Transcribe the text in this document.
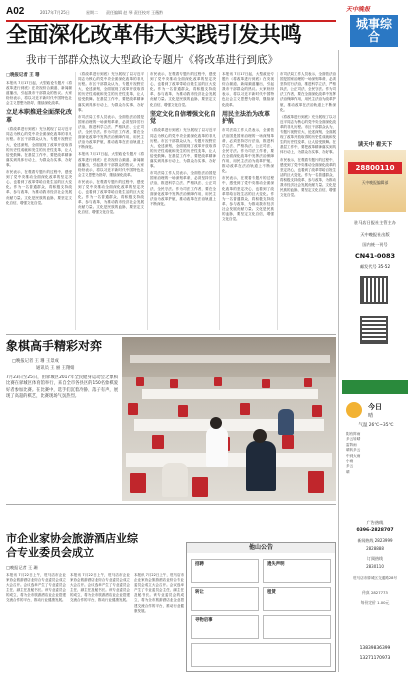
A02	2017年7月25日	星期二 责任编辑 赵 琴 责任校对 王薇黔	天中晚报
城事综合
全面深化改革伟大实践引发共鸣
我市干部群众热议大型政论专题片《将改革进行到底》
□晚报记者 王 珊
本报讯 7月17日起，大型政论专题片《将改革进行到底》在央视综合频道、新闻频道播出，引起我市干部群众的热议。大家纷纷表示，将以习近平新时代中国特色社会主义思想为指导，继续深化改革。
立足本职推进全面深化改革
《将改革进行到底》充分展现了以习近平同志为核心的党中央全面深化改革的非凡历程。市区干部群众认为，专题片视野宏大、论述深刻，全面展现了改革开放取得的历史性成就和发生的历史性变革，让人倍受鼓舞。在基层工作中，要把改革精神落实到具体行动上，为群众办实事、办好事。
市民表示，在观看专题片的过程中，感受到了党中央推动全面深化改革的坚定决心，也看到了改革带给百姓生活的巨大变化。作为一名普通群众，将积极支持改革、参与改革，为推动我市经济社会发展贡献力量。文化是民族的血脉，要坚定文化自信，增强文化自觉。
《将改革进行到底》充分展现了以习近平同志为核心的党中央全面深化改革的非凡历程。市区干部群众认为，专题片视野宏大、论述深刻，全面展现了改革开放取得的历史性成就和发生的历史性变革，让人倍受鼓舞。在基层工作中，要把改革精神落实到具体行动上，为群众办实事、办好事。
市司法局工作人员表示，全面依法治国是国家治理的一场深刻革命，必须坚持厉行法治，推进科学立法、严格执法、公正司法、全民守法。作为司法工作者，要在全面深化改革中发挥法治保障作用，用民主法治为改革护航，推动改革在法治轨道上不断深化。
本报讯 7月17日起，大型政论专题片《将改革进行到底》在央视综合频道、新闻频道播出，引起我市干部群众的热议。大家纷纷表示，将以习近平新时代中国特色社会主义思想为指导，继续深化改革。
市民表示，在观看专题片的过程中，感受到了党中央推动全面深化改革的坚定决心，也看到了改革带给百姓生活的巨大变化。作为一名普通群众，将积极支持改革、参与改革，为推动我市经济社会发展贡献力量。文化是民族的血脉，要坚定文化自信，增强文化自觉。
市民表示，在观看专题片的过程中，感受到了党中央推动全面深化改革的坚定决心，也看到了改革带给百姓生活的巨大变化。作为一名普通群众，将积极支持改革、参与改革，为推动我市经济社会发展贡献力量。文化是民族的血脉，要坚定文化自信，增强文化自觉。
坚定文化自信增强文化自觉
《将改革进行到底》充分展现了以习近平同志为核心的党中央全面深化改革的非凡历程。市区干部群众认为，专题片视野宏大、论述深刻，全面展现了改革开放取得的历史性成就和发生的历史性变革，让人倍受鼓舞。在基层工作中，要把改革精神落实到具体行动上，为群众办实事、办好事。
市司法局工作人员表示，全面依法治国是国家治理的一场深刻革命，必须坚持厉行法治，推进科学立法、严格执法、公正司法、全民守法。作为司法工作者，要在全面深化改革中发挥法治保障作用，用民主法治为改革护航，推动改革在法治轨道上不断深化。
本报讯 7月17日起，大型政论专题片《将改革进行到底》在央视综合频道、新闻频道播出，引起我市干部群众的热议。大家纷纷表示，将以习近平新时代中国特色社会主义思想为指导，继续深化改革。
用民主法治为改革护航
市司法局工作人员表示，全面依法治国是国家治理的一场深刻革命，必须坚持厉行法治，推进科学立法、严格执法、公正司法、全民守法。作为司法工作者，要在全面深化改革中发挥法治保障作用，用民主法治为改革护航，推动改革在法治轨道上不断深化。
市民表示，在观看专题片的过程中，感受到了党中央推动全面深化改革的坚定决心，也看到了改革带给百姓生活的巨大变化。作为一名普通群众，将积极支持改革、参与改革，为推动我市经济社会发展贡献力量。文化是民族的血脉，要坚定文化自信，增强文化自觉。
市司法局工作人员表示，全面依法治国是国家治理的一场深刻革命，必须坚持厉行法治，推进科学立法、严格执法、公正司法、全民守法。作为司法工作者，要在全面深化改革中发挥法治保障作用，用民主法治为改革护航，推动改革在法治轨道上不断深化。
《将改革进行到底》充分展现了以习近平同志为核心的党中央全面深化改革的非凡历程。市区干部群众认为，专题片视野宏大、论述深刻，全面展现了改革开放取得的历史性成就和发生的历史性变革，让人倍受鼓舞。在基层工作中，要把改革精神落实到具体行动上，为群众办实事、办好事。
市民表示，在观看专题片的过程中，感受到了党中央推动全面深化改革的坚定决心，也看到了改革带给百姓生活的巨大变化。作为一名普通群众，将积极支持改革、参与改革，为推动我市经济社会发展贡献力量。文化是民族的血脉，要坚定文化自信，增强文化自觉。
象棋高手精彩对弈
□晚报记者 王 珊 王景成
通讯员 王 丽 王翔娟
7月23日至25日，由驿城区2017年全民健身运动会之象棋比赛在驿城区体育馆举行，来自全市各县区的150名象棋爱好者参加比赛。在比赛中，选手们沉着冷静、落子有声，展现了高超的棋艺，比赛现场气氛热烈。
市企业家协会旅游酒店业综合专业委员会成立
□晚报记者 王 珊
本报讯 7月22日上午，驻马店市企业家协会旅游酒店业综合专业委员会成立大会召开。会议选举产生了专业委员会主任、副主任及秘书长。该专业委员会的成立，将为全市旅游酒店业企业搭建交流合作的平台，推动行业健康发展。
本报讯 7月22日上午，驻马店市企业家协会旅游酒店业综合专业委员会成立大会召开。会议选举产生了专业委员会主任、副主任及秘书长。该专业委员会的成立，将为全市旅游酒店业企业搭建交流合作的平台，推动行业健康发展。
本报讯 7月22日上午，驻马店市企业家协会旅游酒店业综合专业委员会成立大会召开。会议选举产生了专业委员会主任、副主任及秘书长。该专业委员会的成立，将为全市旅游酒店业企业搭建交流合作的平台，推动行业健康发展。
他山公告
招聘	遗失声明
转让	租赁
寻物启事
读天中 看天下
28800110
天中晚报编辑部
驻马店日报社主管主办
天中晚报社出版
国内统一刊号
CN41-0083
邮发代号 35-52
今日
晴
气温 26℃~35℃
阴有阵雨
多云转晴
雷阵雨
晴转多云
中到大雨
小雨
多云
晴
广告热线
0396-2828707
新闻热线 2823999
2828888
订阅热线
2830110
驻马店市驿城区交通路28号
传真 2827773
每份定价 1.00元
13839836399
13271170973
